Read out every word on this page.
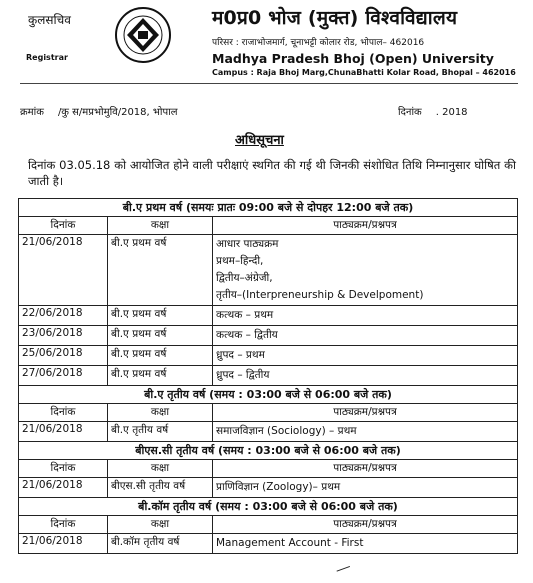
कुलसचिव
Registrar
म0प्र0 भोज (मुक्त) विश्वविद्यालय
परिसर : राजाभोजमार्ग, चूनाभट्टी कोलार रोड, भोपाल– 462016
Madhya Pradesh Bhoj (Open) University
Campus : Raja Bhoj Marg,ChunaBhatti Kolar Road, Bhopal – 462016
क्रमांक /कु स/मप्रभोमुवि/2018, भोपाल	दिनांक . 2018
अधिसूचना
दिनांक 03.05.18 को आयोजित होने वाली परीक्षाएं स्थगित की गई थी जिनकी संशोधित तिथि निम्नानुसार घोषित की जाती है।
बी.ए प्रथम वर्ष (समयः प्रातः 09:00 बजे से दोपहर 12:00 बजे तक)		
दिनांक	कक्षा	पाठ्यक्रम/प्रश्नपत्र
21/06/2018	बी.ए प्रथम वर्ष	आधार पाठ्यक्रम
प्रथम–हिन्दी,
द्वितीय–अंग्रेजी,
तृतीय–(Interpreneurship & Develpoment)

22/06/2018	बी.ए प्रथम वर्ष	कत्थक – प्रथम

23/06/2018	बी.ए प्रथम वर्ष	कत्थक – द्वितीय

25/06/2018	बी.ए प्रथम वर्ष	ध्रुपद – प्रथम

27/06/2018	बी.ए प्रथम वर्ष	ध्रुपद – द्वितीय

बी.ए तृतीय वर्ष (समय : 03:00 बजे से 06:00 बजे तक)		
दिनांक	कक्षा	पाठ्यक्रम/प्रश्नपत्र
21/06/2018	बी.ए तृतीय वर्ष	समाजविज्ञान (Sociology) – प्रथम

बीएस.सी तृतीय वर्ष (समय : 03:00 बजे से 06:00 बजे तक)		
दिनांक	कक्षा	पाठ्यक्रम/प्रश्नपत्र
21/06/2018	बीएस.सी तृतीय वर्ष	प्राणिविज्ञान (Zoology)– प्रथम

बी.कॉम तृतीय वर्ष (समय : 03:00 बजे से 06:00 बजे तक)		
दिनांक	कक्षा	पाठ्यक्रम/प्रश्नपत्र
21/06/2018	बी.कॉम तृतीय वर्ष	Management Account - First
